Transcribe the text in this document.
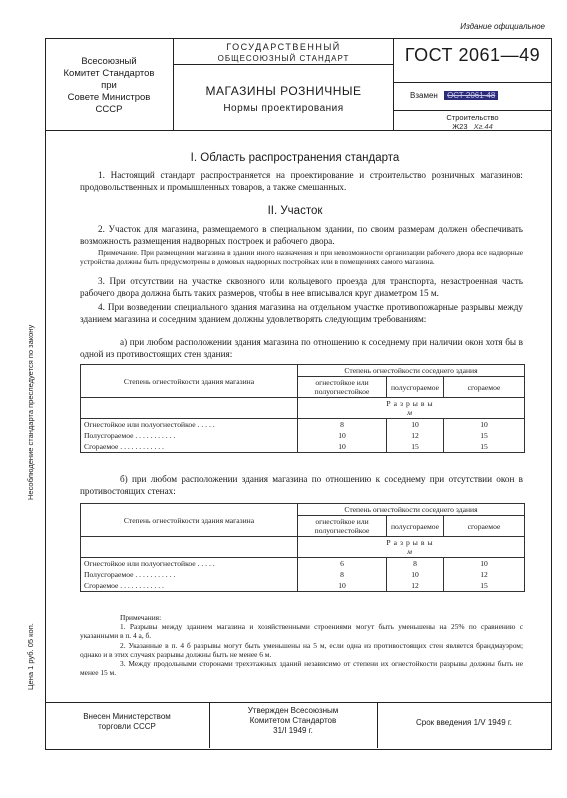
Издание официальное
Всесоюзный
Комитет Стандартов
при
Совете Министров
СССР
ГОСУДАРСТВЕННЫЙ
ОБЩЕСОЮЗНЫЙ СТАНДАРТ
МАГАЗИНЫ РОЗНИЧНЫЕ
Нормы проектирования
ГОСТ 2061—49
Взамен ОСТ 2061-48
Строительство
Ж23 Хг.44
Несоблюдение стандарта преследуется по закону
Цена 1 руб. 05 коп.
I. Область распространения стандарта
1. Настоящий стандарт распространяется на проектирование и строительство розничных магазинов: продовольственных и промышленных товаров, а также смешанных.
II. Участок
2. Участок для магазина, размещаемого в специальном здании, по своим размерам должен обеспечивать возможность размещения надворных построек и рабочего двора.
Примечание. При размещении магазина в здании иного назначения и при невозможности организации рабочего двора все надворные устройства должны быть предусмотрены в домовых надворных постройках или в помещениях самого магазина.
3. При отсутствии на участке сквозного или кольцевого проезда для транспорта, незастроенная часть рабочего двора должна быть таких размеров, чтобы в нее вписывался круг диаметром 15 м.
4. При возведении специального здания магазина на отдельном участке противопожарные разрывы между зданием магазина и соседним зданием должны удовлетворять следующим требованиям:
а) при любом расположении здания магазина по отношению к соседнему при наличии окон хотя бы в одной из противостоящих стен здания:
Степень огнестойкости здания магазина	Степень огнестойкости соседнего здания		
	огнестойкое или полуогнестойкое	полусгораемое	сгораемое

	Разрывы
м		

Огнестойкое или полуогнестойкое . . . . .	8	10	10
Полусгораемое . . . . . . . . . . .	10	12	15
Сгораемое . . . . . . . . . . . .	10	15	15
б) при любом расположении здания магазина по отношению к соседнему при отсутствии окон в противостоящих стенах:
Степень огнестойкости здания магазина	Степень огнестойкости соседнего здания		
	огнестойкое или полуогнестойкое	полусгораемое	сгораемое

	Разрывы
м		

Огнестойкое или полуогнестойкое . . . . .	6	8	10
Полусгораемое . . . . . . . . . . .	8	10	12
Сгораемое . . . . . . . . . . . .	10	12	15
Примечания:
1. Разрывы между зданием магазина и хозяйственными строениями могут быть уменьшены на 25% по сравнению с указанными в п. 4 а, б.
2. Указанные в п. 4 б разрывы могут быть уменьшены на 5 м, если одна из противостоящих стен является брандмауэром; однако и в этих случаях разрывы должны быть не менее 6 м.
3. Между продольными сторонами трехэтажных зданий независимо от степени их огнестойкости разрывы должны быть не менее 15 м.
Внесен Министерством
торговли СССР
Утвержден Всесоюзным
Комитетом Стандартов
31/I 1949 г.
Срок введения 1/V 1949 г.
